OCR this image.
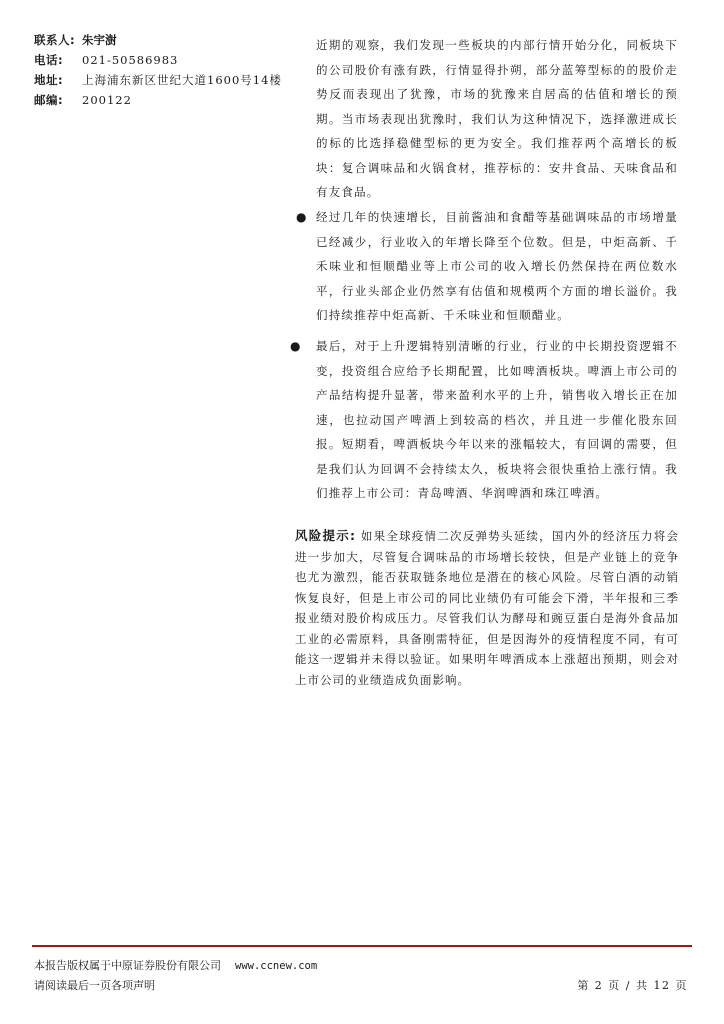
联系人: 朱宇澍
电话:	021-50586983
地址:	上海浦东新区世纪大道1600号14楼
邮编:	200122
近期的观察，我们发现一些板块的内部行情开始分化，同板块下的公司股价有涨有跌，行情显得扑朔，部分蓝筹型标的的股价走势反而表现出了犹豫，市场的犹豫来自居高的估值和增长的预期。当市场表现出犹豫时，我们认为这种情况下，选择激进成长的标的比选择稳健型标的更为安全。我们推荐两个高增长的板块：复合调味品和火锅食材，推荐标的：安井食品、天味食品和有友食品。
● 经过几年的快速增长，目前酱油和食醋等基础调味品的市场增量已经减少，行业收入的年增长降至个位数。但是，中炬高新、千禾味业和恒顺醋业等上市公司的收入增长仍然保持在两位数水平，行业头部企业仍然享有估值和规模两个方面的增长溢价。我们持续推荐中炬高新、千禾味业和恒顺醋业。
● 最后，对于上升逻辑特别清晰的行业，行业的中长期投资逻辑不变，投资组合应给予长期配置，比如啤酒板块。啤酒上市公司的产品结构提升显著，带来盈利水平的上升，销售收入增长正在加速，也拉动国产啤酒上到较高的档次，并且进一步催化股东回报。短期看，啤酒板块今年以来的涨幅较大，有回调的需要，但是我们认为回调不会持续太久，板块将会很快重拾上涨行情。我们推荐上市公司：青岛啤酒、华润啤酒和珠江啤酒。
风险提示: 如果全球疫情二次反弹势头延续，国内外的经济压力将会进一步加大，尽管复合调味品的市场增长较快，但是产业链上的竞争也尤为激烈，能否获取链条地位是潜在的核心风险。尽管白酒的动销恢复良好，但是上市公司的同比业绩仍有可能会下滑，半年报和三季报业绩对股价构成压力。尽管我们认为酵母和豌豆蛋白是海外食品加工业的必需原料，具备刚需特征，但是因海外的疫情程度不同，有可能这一逻辑并未得以验证。如果明年啤酒成本上涨超出预期，则会对上市公司的业绩造成负面影响。
本报告版权属于中原证券股份有限公司 www.ccnew.com
请阅读最后一页各项声明	第 2 页 / 共 12 页
